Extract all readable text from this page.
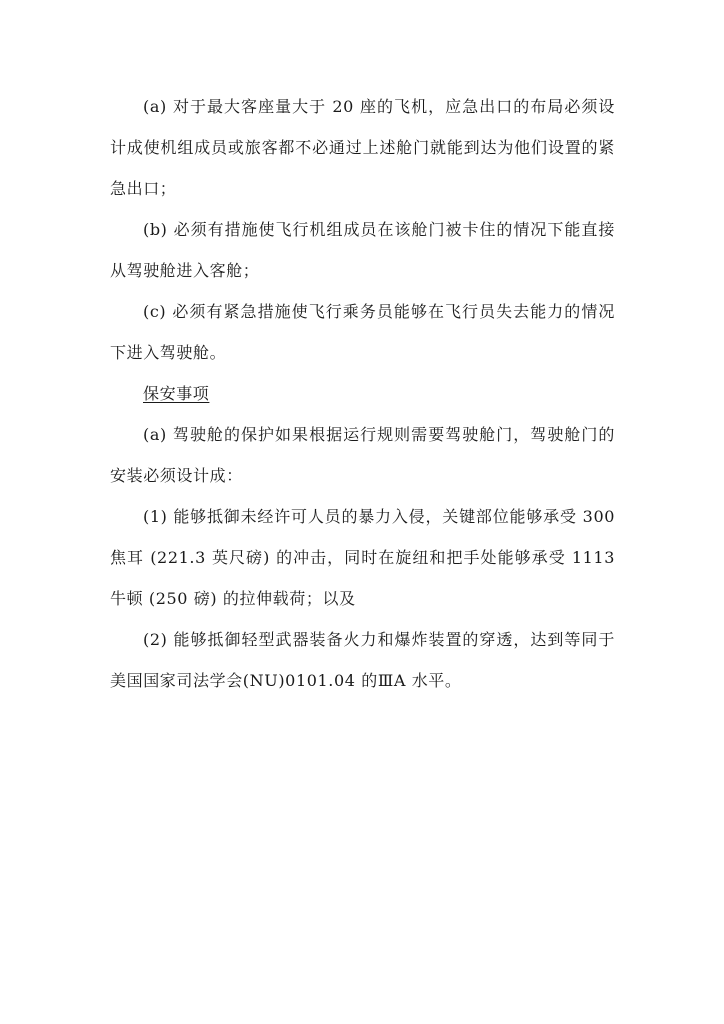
(a) 对于最大客座量大于 20 座的飞机，应急出口的布局必须设计成使机组成员或旅客都不必通过上述舱门就能到达为他们设置的紧急出口；

(b) 必须有措施使飞行机组成员在该舱门被卡住的情况下能直接从驾驶舱进入客舱；

(c) 必须有紧急措施使飞行乘务员能够在飞行员失去能力的情况下进入驾驶舱。

保安事项

(a) 驾驶舱的保护如果根据运行规则需要驾驶舱门，驾驶舱门的安装必须设计成：

(1) 能够抵御未经许可人员的暴力入侵，关键部位能够承受 300 焦耳 (221.3 英尺磅) 的冲击，同时在旋纽和把手处能够承受 1113 牛顿 (250 磅) 的拉伸载荷；以及

(2) 能够抵御轻型武器装备火力和爆炸装置的穿透，达到等同于美国国家司法学会(NU)0101.04 的ⅢA 水平。
